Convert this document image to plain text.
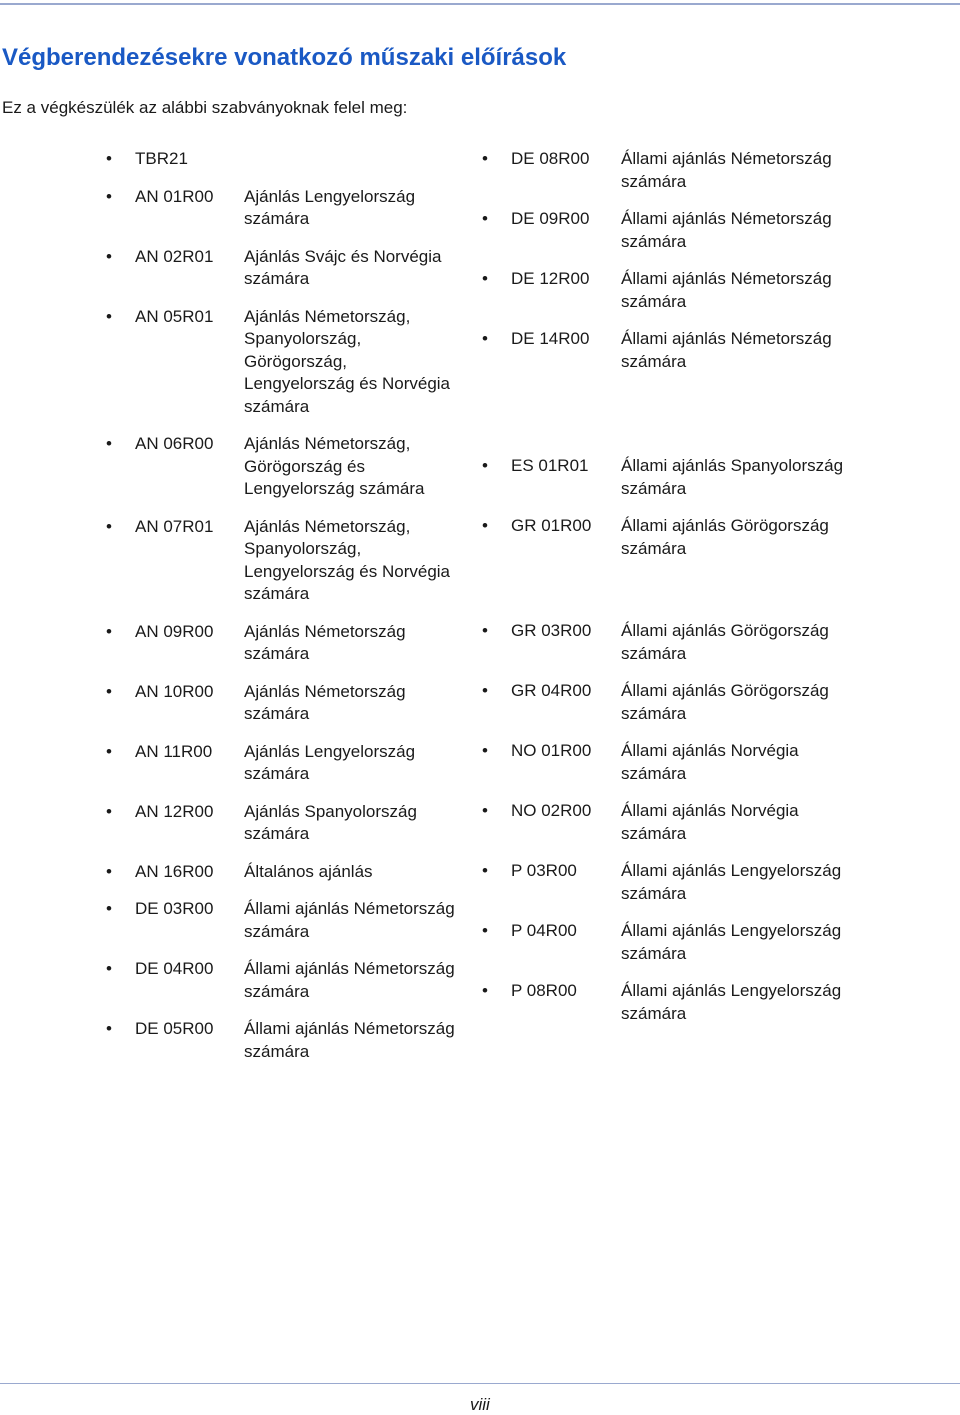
Végberendezésekre vonatkozó műszaki előírások

Ez a végkészülék az alábbi szabványoknak felel meg:

• TBR21
• AN 01R00 Ajánlás Lengyelország számára
• AN 02R01 Ajánlás Svájc és Norvégia számára
• AN 05R01 Ajánlás Németország, Spanyolország, Görögország, Lengyelország és Norvégia számára
• AN 06R00 Ajánlás Németország, Görögország és Lengyelország számára
• AN 07R01 Ajánlás Németország, Spanyolország, Lengyelország és Norvégia számára
• AN 09R00 Ajánlás Németország számára
• AN 10R00 Ajánlás Németország számára
• AN 11R00 Ajánlás Lengyelország számára
• AN 12R00 Ajánlás Spanyolország számára
• AN 16R00 Általános ajánlás
• DE 03R00 Állami ajánlás Németország számára
• DE 04R00 Állami ajánlás Németország számára
• DE 05R00 Állami ajánlás Németország számára
• DE 08R00 Állami ajánlás Németország számára
• DE 09R00 Állami ajánlás Németország számára
• DE 12R00 Állami ajánlás Németország számára
• DE 14R00 Állami ajánlás Németország számára
• ES 01R01 Állami ajánlás Spanyolország számára
• GR 01R00 Állami ajánlás Görögország számára
• GR 03R00 Állami ajánlás Görögország számára
• GR 04R00 Állami ajánlás Görögország számára
• NO 01R00 Állami ajánlás Norvégia számára
• NO 02R00 Állami ajánlás Norvégia számára
• P 03R00	Állami ajánlás Lengyelország számára
• P 04R00	Állami ajánlás Lengyelország számára
• P 08R00	Állami ajánlás Lengyelország számára
viii
